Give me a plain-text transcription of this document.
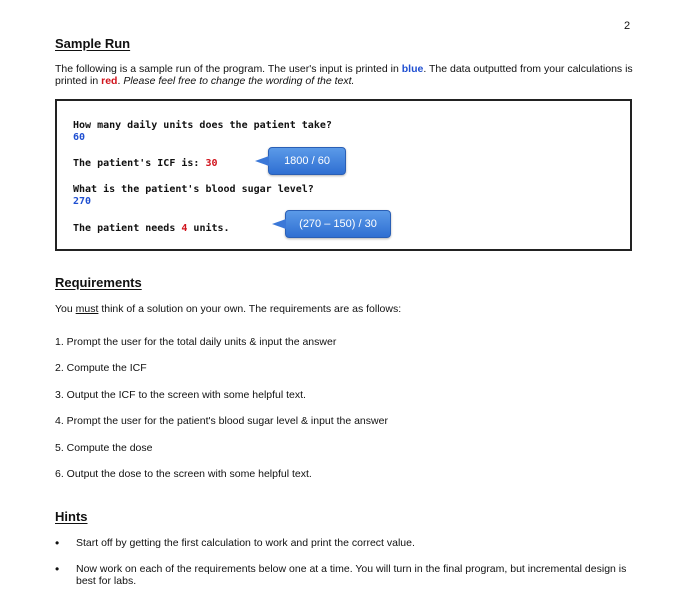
2
Sample Run
The following is a sample run of the program. The user's input is printed in blue. The data outputted from your calculations is printed in red. Please feel free to change the wording of the text.
How many daily units does the patient take?
60
The patient's ICF is: 30	1800 / 60
What is the patient's blood sugar level?
270
The patient needs 4 units.	(270 – 150) / 30
Requirements
You must think of a solution on your own. The requirements are as follows:
1. Prompt the user for the total daily units & input the answer
2. Compute the ICF
3. Output the ICF to the screen with some helpful text.
4. Prompt the user for the patient's blood sugar level & input the answer
5. Compute the dose
6. Output the dose to the screen with some helpful text.
Hints
• Start off by getting the first calculation to work and print the correct value.
• Now work on each of the requirements below one at a time. You will turn in the final program, but incremental design is best for labs.
